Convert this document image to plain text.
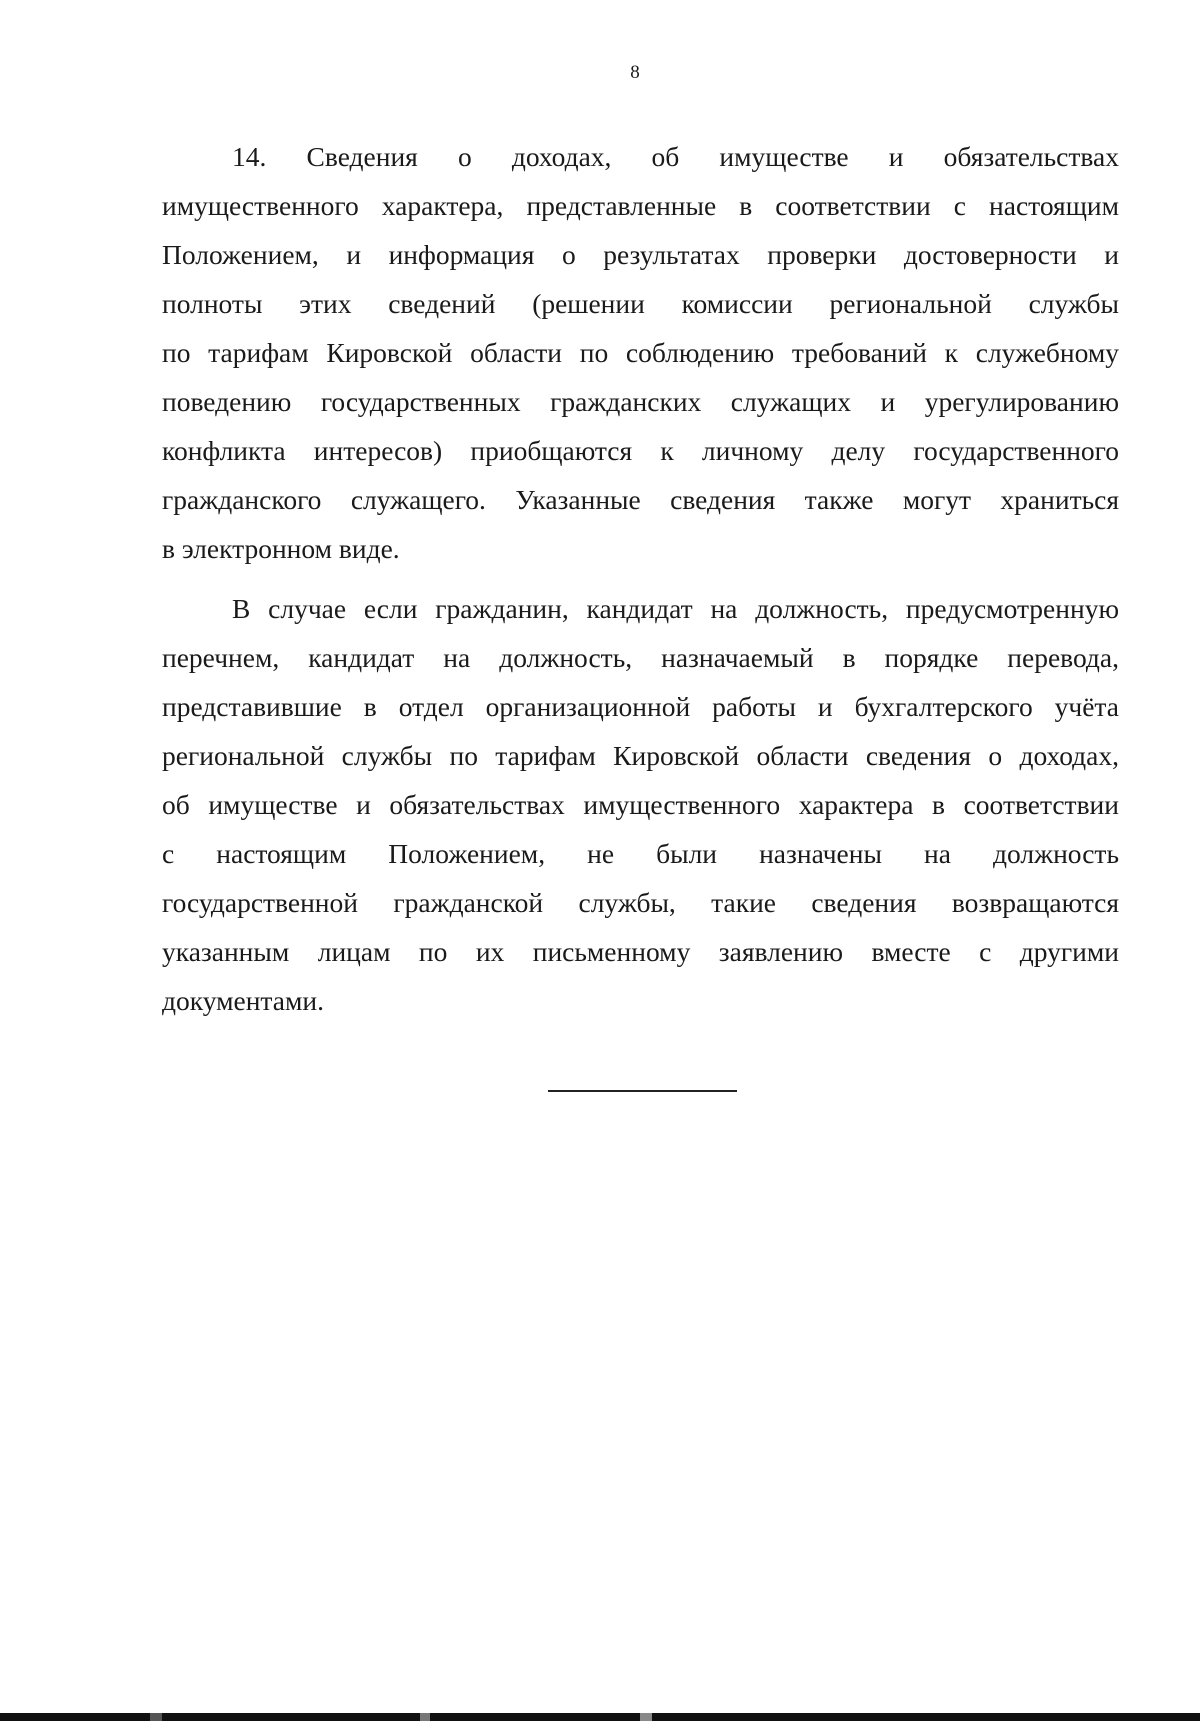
8
14. Сведения о доходах, об имуществе и обязательствах
имущественного характера, представленные в соответствии с настоящим
Положением, и информация о результатах проверки достоверности и
полноты этих сведений (решении комиссии региональной службы
по тарифам Кировской области по соблюдению требований к служебному
поведению государственных гражданских служащих и урегулированию
конфликта интересов) приобщаются к личному делу государственного
гражданского служащего. Указанные сведения также могут храниться
в электронном виде.
В случае если гражданин, кандидат на должность, предусмотренную
перечнем, кандидат на должность, назначаемый в порядке перевода,
представившие в отдел организационной работы и бухгалтерского учёта
региональной службы по тарифам Кировской области сведения о доходах,
об имуществе и обязательствах имущественного характера в соответствии
с настоящим Положением, не были назначены на должность
государственной гражданской службы, такие сведения возвращаются
указанным лицам по их письменному заявлению вместе с другими
документами.
